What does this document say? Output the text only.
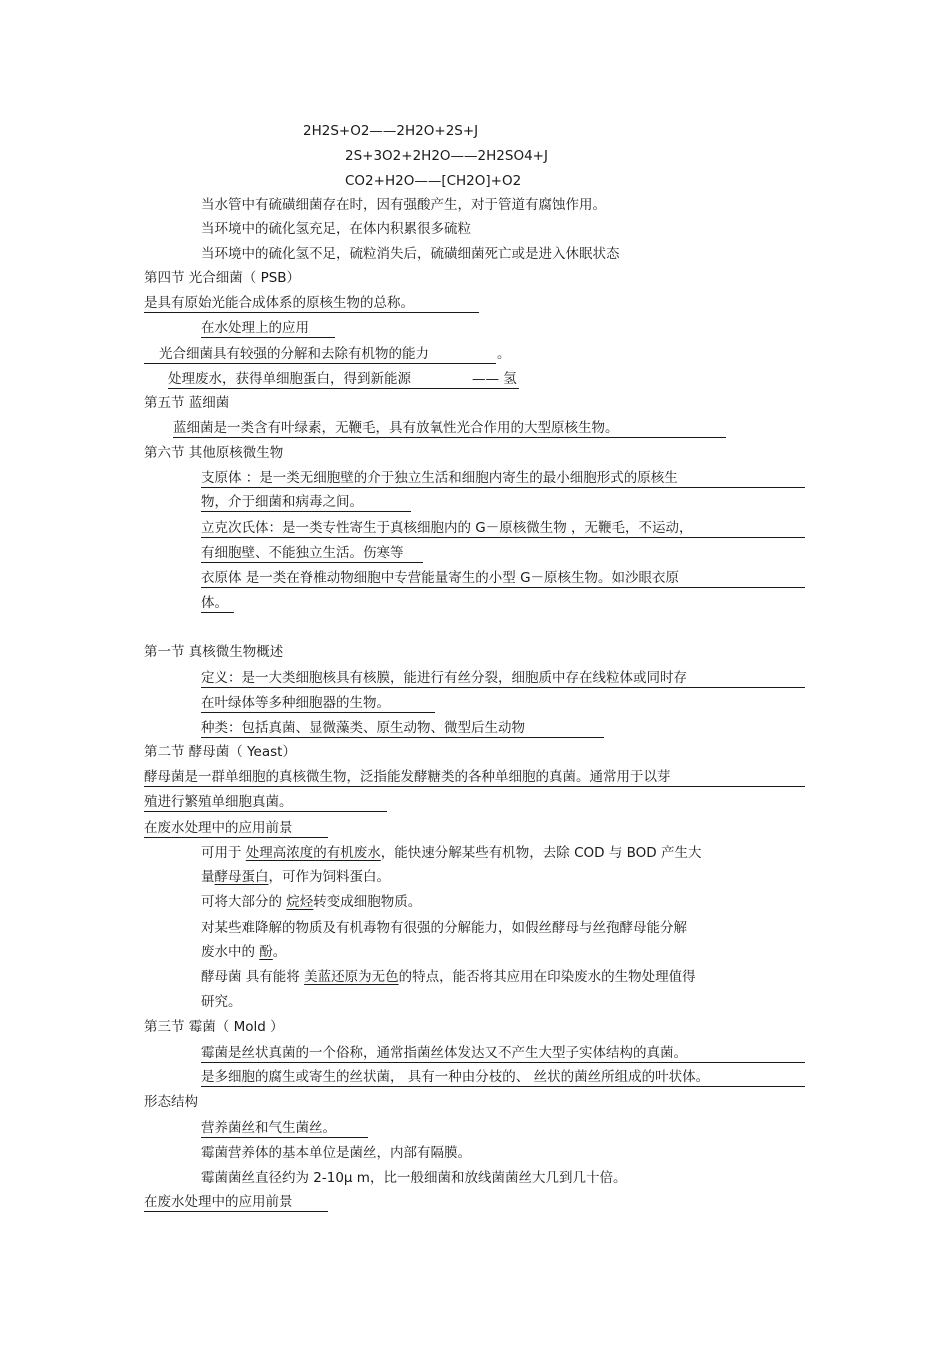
2H2S+O2——2H2O+2S+J
2S+3O2+2H2O——2H2SO4+J
CO2+H2O——[CH2O]+O2
当水管中有硫磺细菌存在时，因有强酸产生，对于管道有腐蚀作用。
当环境中的硫化氢充足，在体内积累很多硫粒
当环境中的硫化氢不足，硫粒消失后，硫磺细菌死亡或是进入休眠状态
第四节 光合细菌（ PSB）
是具有原始光能合成体系的原核生物的总称。
在水处理上的应用
光合细菌具有较强的分解和去除有机物的能力	。
处理废水，获得单细胞蛋白，得到新能源	—— 氢
第五节 蓝细菌
蓝细菌是一类含有叶绿素，无鞭毛，具有放氧性光合作用的大型原核生物。
第六节 其他原核微生物
支原体 ：是一类无细胞壁的介于独立生活和细胞内寄生的最小细胞形式的原核生
物，介于细菌和病毒之间。
立克次氏体：是一类专性寄生于真核细胞内的 G－原核微生物 ，无鞭毛，不运动，
有细胞壁、不能独立生活。伤寒等
衣原体 是一类在脊椎动物细胞中专营能量寄生的小型 G－原核生物。如沙眼衣原
体。
第一节 真核微生物概述
定义：是一大类细胞核具有核膜，能进行有丝分裂，细胞质中存在线粒体或同时存
在叶绿体等多种细胞器的生物。
种类：包括真菌、显微藻类、原生动物、微型后生动物
第二节 酵母菌（ Yeast）
酵母菌是一群单细胞的真核微生物，泛指能发酵糖类的各种单细胞的真菌。通常用于以芽
殖进行繁殖单细胞真菌。
在废水处理中的应用前景
可用于 处理高浓度的有机废水，能快速分解某些有机物，去除 COD 与 BOD 产生大
量酵母蛋白，可作为饲料蛋白。
可将大部分的 烷烃转变成细胞物质。
对某些难降解的物质及有机毒物有很强的分解能力，如假丝酵母与丝孢酵母能分解
废水中的 酚。
酵母菌 具有能将 美蓝还原为无色的特点，能否将其应用在印染废水的生物处理值得
研究。
第三节 霉菌（ Mold ）
霉菌是丝状真菌的一个俗称，通常指菌丝体发达又不产生大型子实体结构的真菌。
是多细胞的腐生或寄生的丝状菌， 具有一种由分枝的、 丝状的菌丝所组成的叶状体。
形态结构
营养菌丝和气生菌丝。
霉菌营养体的基本单位是菌丝，内部有隔膜。
霉菌菌丝直径约为 2-10μ m，比一般细菌和放线菌菌丝大几到几十倍。
在废水处理中的应用前景
